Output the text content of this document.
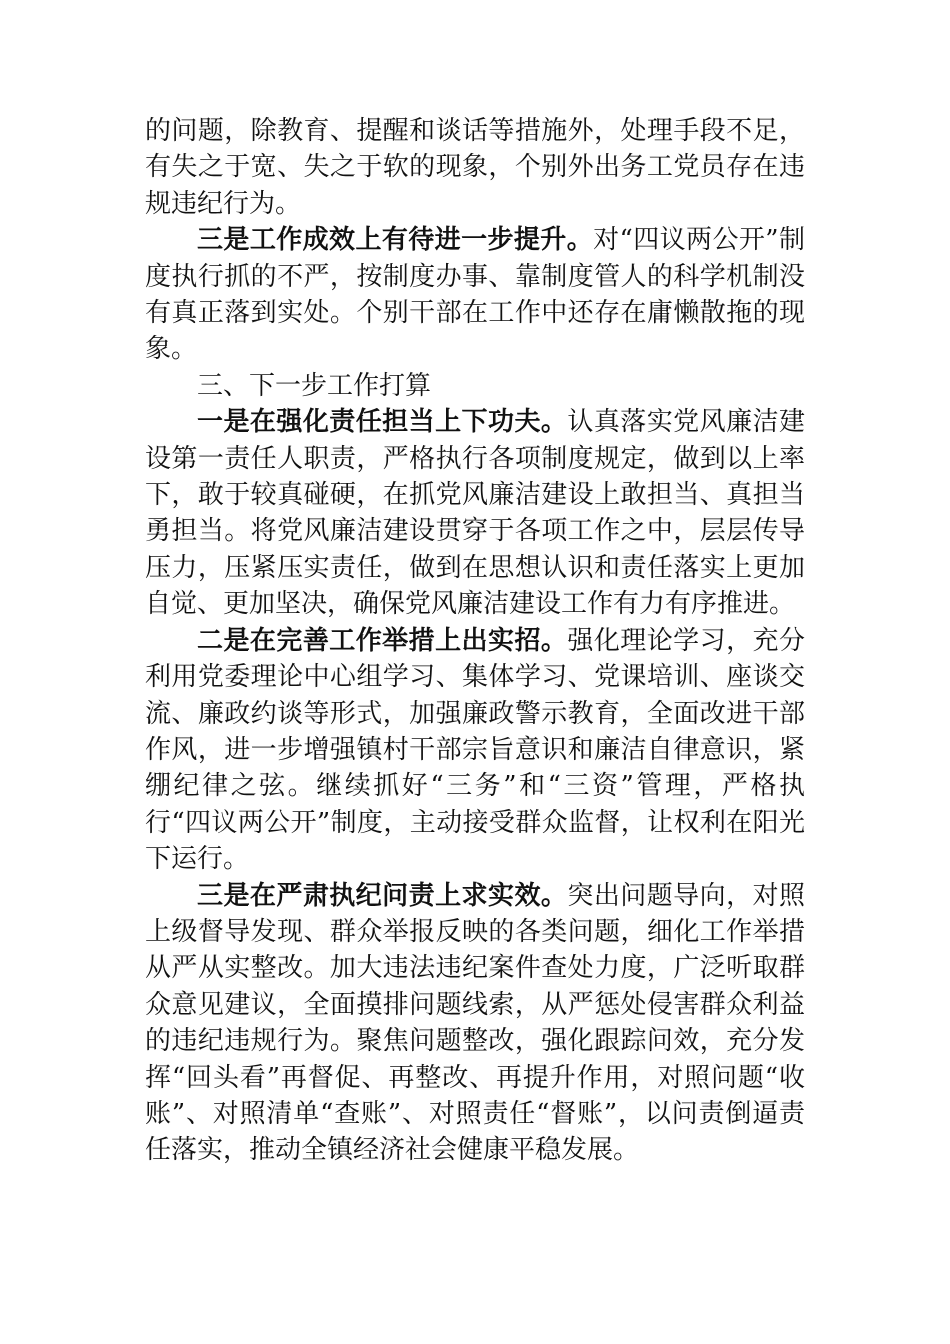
的问题，除教育、提醒和谈话等措施外，处理手段不足，有失之于宽、失之于软的现象，个别外出务工党员存在违规违纪行为。

三是工作成效上有待进一步提升。对“四议两公开”制度执行抓的不严，按制度办事、靠制度管人的科学机制没有真正落到实处。个别干部在工作中还存在庸懒散拖的现象。

三、下一步工作打算

一是在强化责任担当上下功夫。认真落实党风廉洁建设第一责任人职责，严格执行各项制度规定，做到以上率下，敢于较真碰硬，在抓党风廉洁建设上敢担当、真担当勇担当。将党风廉洁建设贯穿于各项工作之中，层层传导压力，压紧压实责任，做到在思想认识和责任落实上更加自觉、更加坚决，确保党风廉洁建设工作有力有序推进。

二是在完善工作举措上出实招。强化理论学习，充分利用党委理论中心组学习、集体学习、党课培训、座谈交流、廉政约谈等形式，加强廉政警示教育，全面改进干部作风，进一步增强镇村干部宗旨意识和廉洁自律意识，紧绷纪律之弦。继续抓好“三务”和“三资”管理，严格执行“四议两公开”制度，主动接受群众监督，让权利在阳光下运行。

三是在严肃执纪问责上求实效。突出问题导向，对照上级督导发现、群众举报反映的各类问题，细化工作举措从严从实整改。加大违法违纪案件查处力度，广泛听取群众意见建议，全面摸排问题线索，从严惩处侵害群众利益的违纪违规行为。聚焦问题整改，强化跟踪问效，充分发挥“回头看”再督促、再整改、再提升作用，对照问题“收账”、对照清单“查账”、对照责任“督账”，以问责倒逼责任落实，推动全镇经济社会健康平稳发展。
